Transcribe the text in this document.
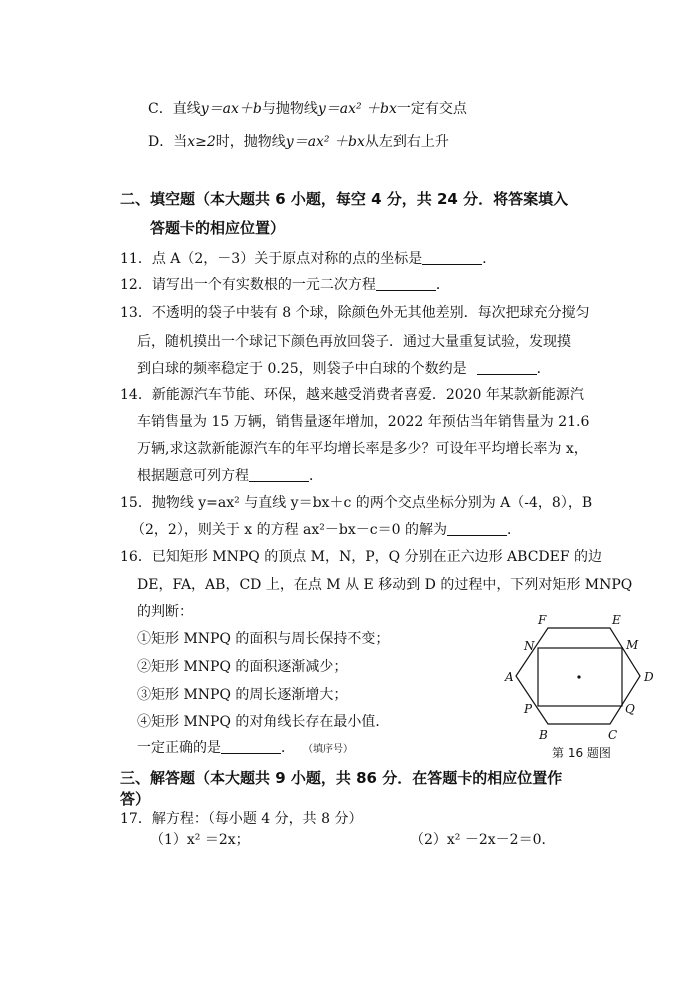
C．直线y＝ax＋b与抛物线y＝ax² ＋bx一定有交点
D．当x≥2时，抛物线y＝ax² ＋bx从左到右上升
二、填空题（本大题共 6 小题，每空 4 分，共 24 分．将答案填入
答题卡的相应位置）
11．点 A（2，－3）关于原点对称的点的坐标是	．
12．请写出一个有实数根的一元二次方程	．
13．不透明的袋子中装有 8 个球，除颜色外无其他差别．每次把球充分搅匀
后，随机摸出一个球记下颜色再放回袋子．通过大量重复试验，发现摸
到白球的频率稳定于 0.25，则袋子中白球的个数约是	．
14．新能源汽车节能、环保，越来越受消费者喜爱．2020 年某款新能源汽
车销售量为 15 万辆，销售量逐年增加，2022 年预估当年销售量为 21.6
万辆,求这款新能源汽车的年平均增长率是多少？可设年平均增长率为 x，
根据题意可列方程	．
15．抛物线 y=ax² 与直线 y＝bx＋c 的两个交点坐标分别为 A（-4，8），B
（2，2），则关于 x 的方程 ax²－bx－c＝0 的解为	．
16．已知矩形 MNPQ 的顶点 M，N，P，Q 分别在正六边形 ABCDEF 的边
DE，FA，AB，CD 上，在点 M 从 E 移动到 D 的过程中，下列对矩形 MNPQ
的判断：
①矩形 MNPQ 的面积与周长保持不变；
②矩形 MNPQ 的面积逐渐减少；
③矩形 MNPQ 的周长逐渐增大；
④矩形 MNPQ 的对角线长存在最小值．
一定正确的是	． （填序号）
F	E
N	M
A	D
P	Q
B	C
第 16 题图
三、解答题（本大题共 9 小题，共 86 分．在答题卡的相应位置作
答）
17．解方程：（每小题 4 分，共 8 分）
（1）x² ＝2x；	（2）x² －2x－2＝0．
